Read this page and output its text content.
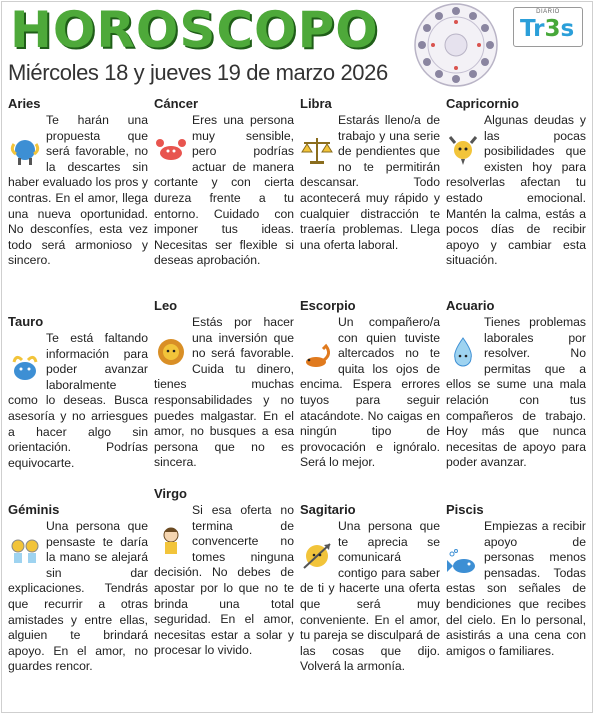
HOROSCOPO
Miércoles 18 y jueves 19 de marzo 2026
DIARIO
Tr3s
Aries
Te harán una propuesta que será favorable, no la descartes sin haber evaluado los pros y contras. En el amor, llega una nueva oportunidad. No desconfíes, esta vez todo será armonioso y sincero.
Cáncer
Eres una persona muy sensible, pero podrías actuar de manera cortante y con cierta dureza frente a tu entorno. Cuidado con imponer tus ideas. Necesitas ser flexible si deseas aprobación.
Libra
Estarás lleno/a de trabajo y una serie de pendientes que no te permitirán descansar. Todo acontecerá muy rápido y cualquier distracción te traería problemas. Llega una oferta laboral.
Capricornio
Algunas deudas y las pocas posibilidades que existen hoy para resolverlas afectan tu estado emocional. Mantén la calma, estás a pocos días de recibir apoyo y cambiar esta situación.
Tauro
Te está faltando información para poder avanzar laboralmente como lo deseas. Busca asesoría y no arriesgues a hacer algo sin orientación. Podrías equivocarte.
Leo
Estás por hacer una inversión que no será favorable. Cuida tu dinero, tienes muchas responsabilidades y no puedes malgastar. En el amor, no busques a esa persona que no es sincera.
Escorpio
Un compañero/a con quien tuviste altercados no te quita los ojos de encima. Espera errores tuyos para seguir atacándote. No caigas en ningún tipo de provocación e ignóralo. Será lo mejor.
Acuario
Tienes problemas laborales por resolver. No permitas que a ellos se sume una mala relación con tus compañeros de trabajo. Hoy más que nunca necesitas de apoyo para poder avanzar.
Géminis
Una persona que pensaste te daría la mano se alejará sin dar explicaciones. Tendrás que recurrir a otras amistades y entre ellas, alguien te brindará apoyo. En el amor, no guardes rencor.
Virgo
Si esa oferta no termina de convencerte no tomes ninguna decisión. No debes de apostar por lo que no te brinda una total seguridad. En el amor, necesitas estar a solar y procesar lo vivido.
Sagitario
Una persona que te aprecia se comunicará contigo para saber de ti y hacerte una oferta que será muy conveniente. En el amor, tu pareja se disculpará de las cosas que dijo. Volverá la armonía.
Piscis
Empiezas a recibir apoyo de personas menos pensadas. Todas estas son señales de bendiciones que recibes del cielo. En lo personal, asistirás a una cena con amigos o familiares.
